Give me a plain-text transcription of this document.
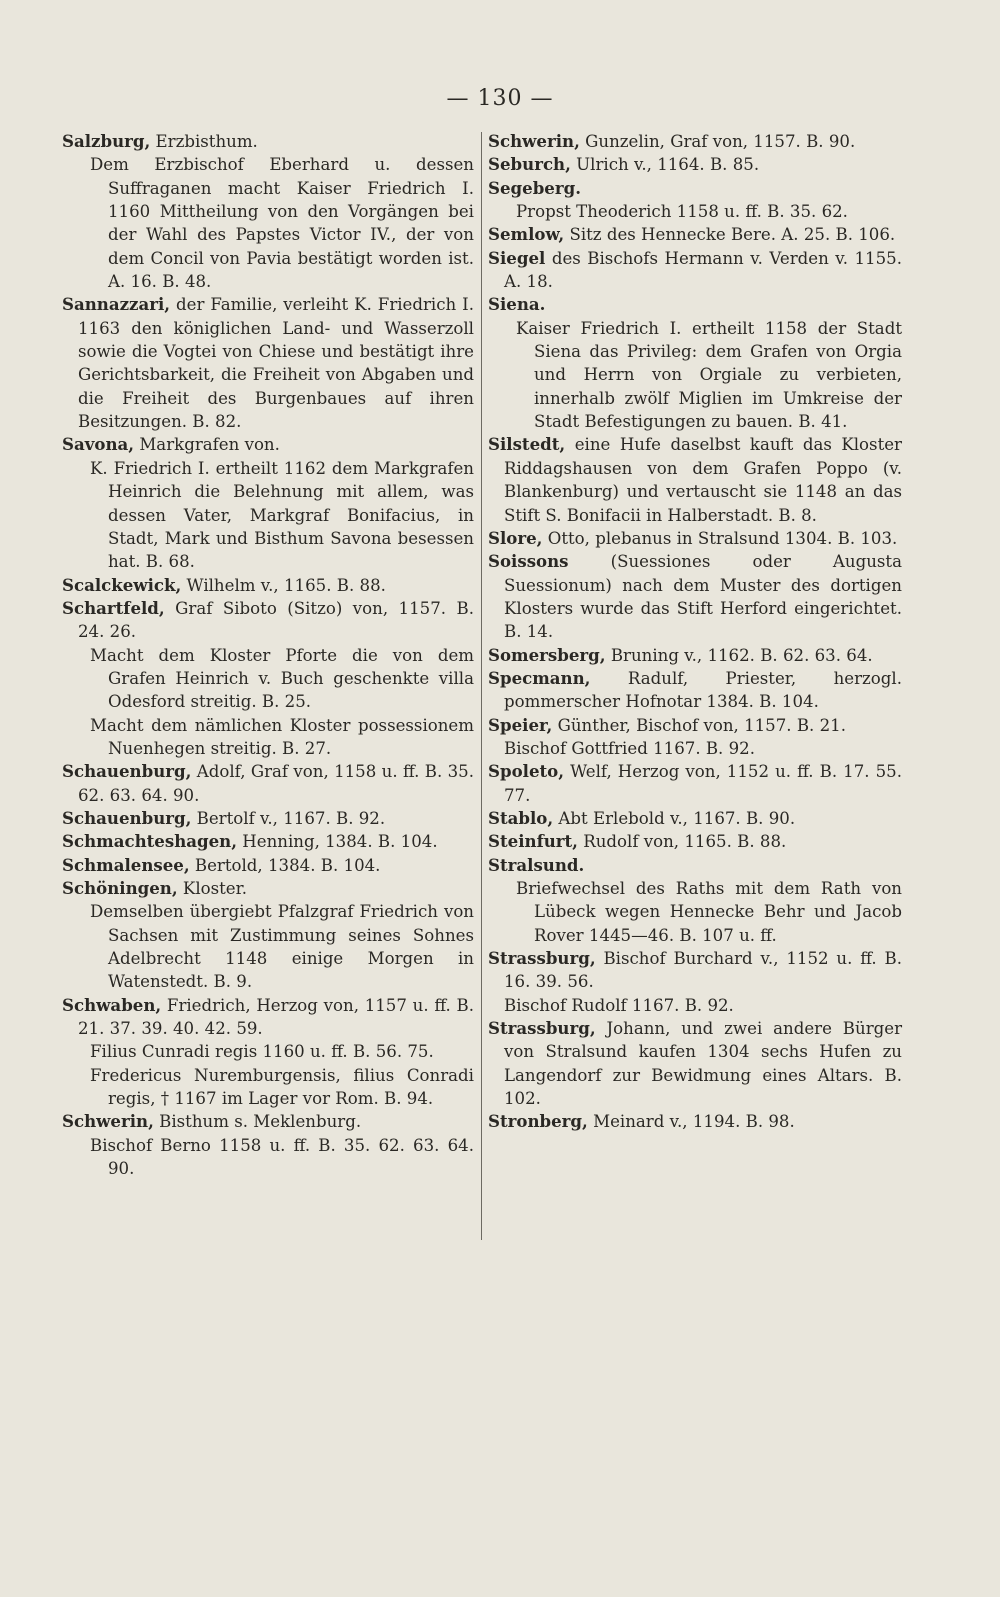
— 130 —

Salzburg, Erzbisthum.

Dem Erzbischof Eberhard u. dessen Suffraganen macht Kaiser Friedrich I. 1160 Mittheilung von den Vorgängen bei der Wahl des Papstes Victor IV., der von dem Concil von Pavia bestätigt worden ist. A. 16. B. 48.

Sannazzari, der Familie, verleiht K. Friedrich I. 1163 den königlichen Land- und Wasserzoll sowie die Vogtei von Chiese und bestätigt ihre Gerichtsbarkeit, die Freiheit von Abgaben und die Freiheit des Burgenbaues auf ihren Besitzungen. B. 82.

Savona, Markgrafen von.

K. Friedrich I. ertheilt 1162 dem Markgrafen Heinrich die Belehnung mit allem, was dessen Vater, Markgraf Bonifacius, in Stadt, Mark und Bisthum Savona besessen hat. B. 68.

Scalckewick, Wilhelm v., 1165. B. 88.

Schartfeld, Graf Siboto (Sitzo) von, 1157. B. 24. 26.

Macht dem Kloster Pforte die von dem Grafen Heinrich v. Buch geschenkte villa Odesford streitig. B. 25.

Macht dem nämlichen Kloster possessionem Nuenhegen streitig. B. 27.

Schauenburg, Adolf, Graf von, 1158 u. ff. B. 35. 62. 63. 64. 90.

Schauenburg, Bertolf v., 1167. B. 92.

Schmachteshagen, Henning, 1384. B. 104.

Schmalensee, Bertold, 1384. B. 104.

Schöningen, Kloster.

Demselben übergiebt Pfalzgraf Friedrich von Sachsen mit Zustimmung seines Sohnes Adelbrecht 1148 einige Morgen in Watenstedt. B. 9.

Schwaben, Friedrich, Herzog von, 1157 u. ff. B. 21. 37. 39. 40. 42. 59.

Filius Cunradi regis 1160 u. ff. B. 56. 75.

Fredericus Nuremburgensis, filius Conradi regis, † 1167 im Lager vor Rom. B. 94.

Schwerin, Bisthum s. Meklenburg.

Bischof Berno 1158 u. ff. B. 35. 62. 63. 64. 90.

Schwerin, Gunzelin, Graf von, 1157. B. 90.

Seburch, Ulrich v., 1164. B. 85.

Segeberg.

Propst Theoderich 1158 u. ff. B. 35. 62.

Semlow, Sitz des Hennecke Bere. A. 25. B. 106.

Siegel des Bischofs Hermann v. Verden v. 1155. A. 18.

Siena.

Kaiser Friedrich I. ertheilt 1158 der Stadt Siena das Privileg: dem Grafen von Orgia und Herrn von Orgiale zu verbieten, innerhalb zwölf Miglien im Umkreise der Stadt Befestigungen zu bauen. B. 41.

Silstedt, eine Hufe daselbst kauft das Kloster Riddagshausen von dem Grafen Poppo (v. Blankenburg) und vertauscht sie 1148 an das Stift S. Bonifacii in Halberstadt. B. 8.

Slore, Otto, plebanus in Stralsund 1304. B. 103.

Soissons (Suessiones oder Augusta Suessionum) nach dem Muster des dortigen Klosters wurde das Stift Herford eingerichtet. B. 14.

Somersberg, Bruning v., 1162. B. 62. 63. 64.

Specmann, Radulf, Priester, herzogl. pommerscher Hofnotar 1384. B. 104.

Speier, Günther, Bischof von, 1157. B. 21.

Bischof Gottfried 1167. B. 92.

Spoleto, Welf, Herzog von, 1152 u. ff. B. 17. 55. 77.

Stablo, Abt Erlebold v., 1167. B. 90.

Steinfurt, Rudolf von, 1165. B. 88.

Stralsund.

Briefwechsel des Raths mit dem Rath von Lübeck wegen Hennecke Behr und Jacob Rover 1445—46. B. 107 u. ff.

Strassburg, Bischof Burchard v., 1152 u. ff. B. 16. 39. 56.

Bischof Rudolf 1167. B. 92.

Strassburg, Johann, und zwei andere Bürger von Stralsund kaufen 1304 sechs Hufen zu Langendorf zur Bewidmung eines Altars. B. 102.

Stronberg, Meinard v., 1194. B. 98.
